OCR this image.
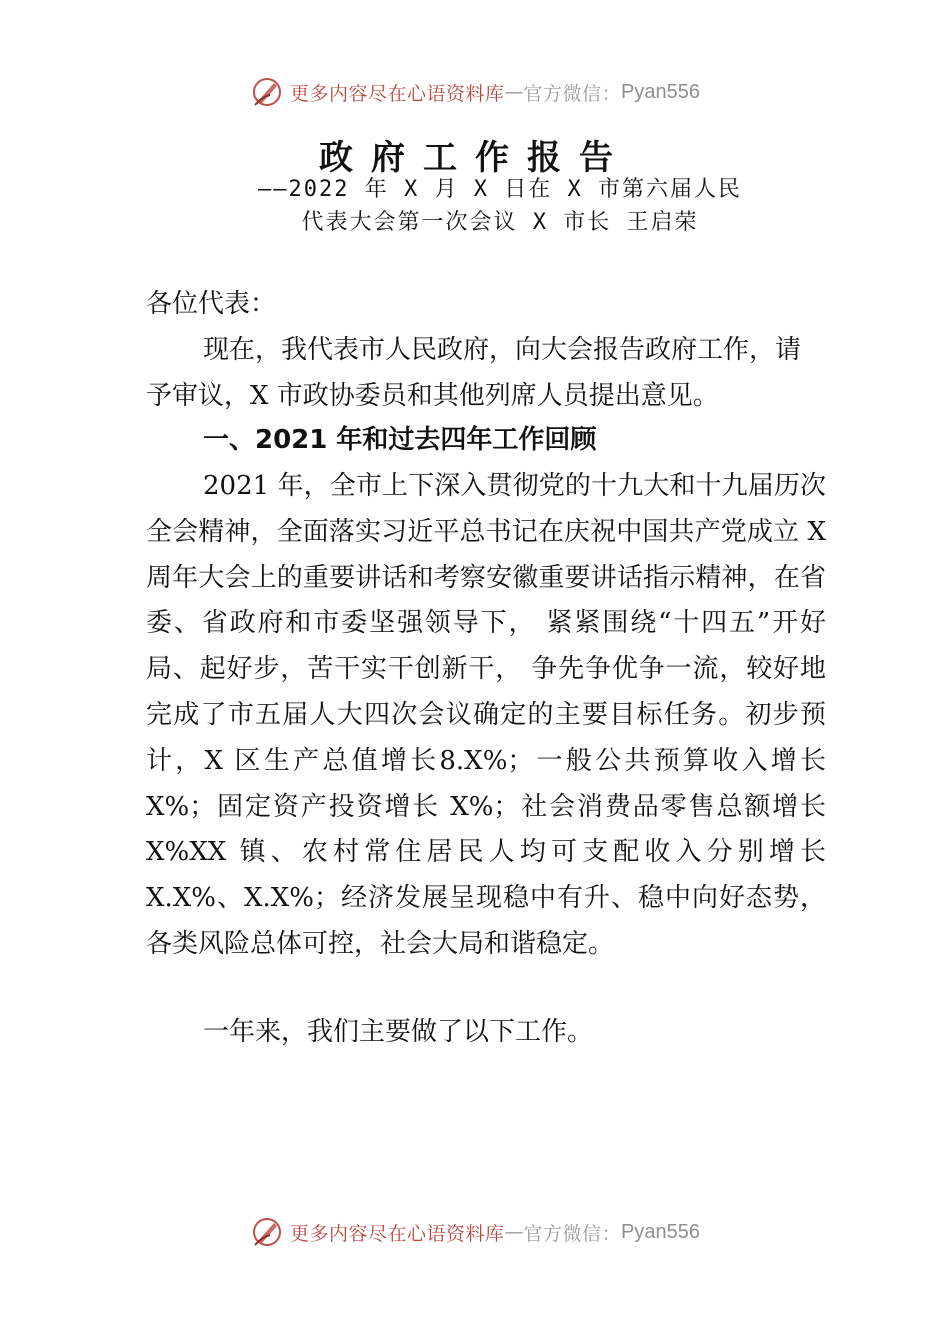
更多内容尽在心语资料库 — 官方微信： Pyan556
政府工作报告
——2022 年 X 月 X 日在 X 市第六届人民
代表大会第一次会议 X 市长 王启荣
各位代表：
现在，我代表市人民政府，向大会报告政府工作，请予审议，X 市政协委员和其他列席人员提出意见。
一、2021 年和过去四年工作回顾
2021 年，全市上下深入贯彻党的十九大和十九届历次全会精神，全面落实习近平总书记在庆祝中国共产党成立 X 周年大会上的重要讲话和考察安徽重要讲话指示精神，在省委、省政府和市委坚强领导下， 紧紧围绕“十四五”开好局、起好步，苦干实干创新干， 争先争优争一流，较好地完成了市五届人大四次会议确定的主要目标任务。初步预计，X 区生产总值增长8.X%；一般公共预算收入增长 X%；固定资产投资增长 X%；社会消费品零售总额增长 X%XX 镇、农村常住居民人均可支配收入分别增长 X.X%、X.X%；经济发展呈现稳中有升、稳中向好态势，各类风险总体可控，社会大局和谐稳定。
一年来，我们主要做了以下工作。
更多内容尽在心语资料库 — 官方微信： Pyan556
